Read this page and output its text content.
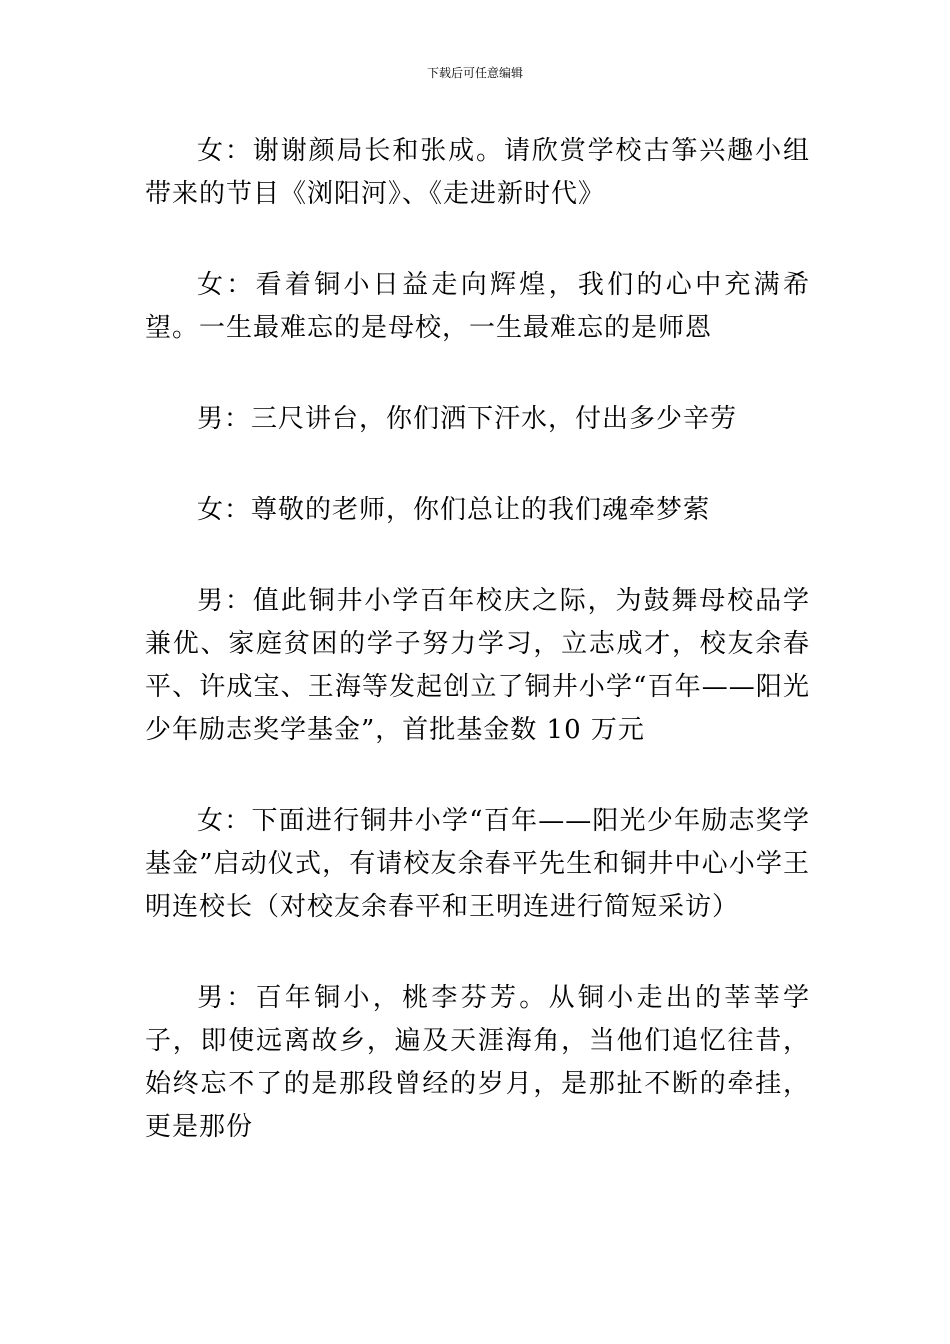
下载后可任意编辑

女：谢谢颜局长和张成。请欣赏学校古筝兴趣小组带来的节目《浏阳河》、《走进新时代》

女：看着铜小日益走向辉煌，我们的心中充满希望。一生最难忘的是母校，一生最难忘的是师恩

男：三尺讲台，你们洒下汗水，付出多少辛劳

女：尊敬的老师，你们总让的我们魂牵梦萦

男：值此铜井小学百年校庆之际，为鼓舞母校品学兼优、家庭贫困的学子努力学习，立志成才，校友余春平、许成宝、王海等发起创立了铜井小学“百年——阳光少年励志奖学基金”，首批基金数 10 万元

女：下面进行铜井小学“百年——阳光少年励志奖学基金”启动仪式，有请校友余春平先生和铜井中心小学王明连校长（对校友余春平和王明连进行简短采访）

男：百年铜小，桃李芬芳。从铜小走出的莘莘学子，即使远离故乡，遍及天涯海角，当他们追忆往昔，始终忘不了的是那段曾经的岁月，是那扯不断的牵挂，更是那份
